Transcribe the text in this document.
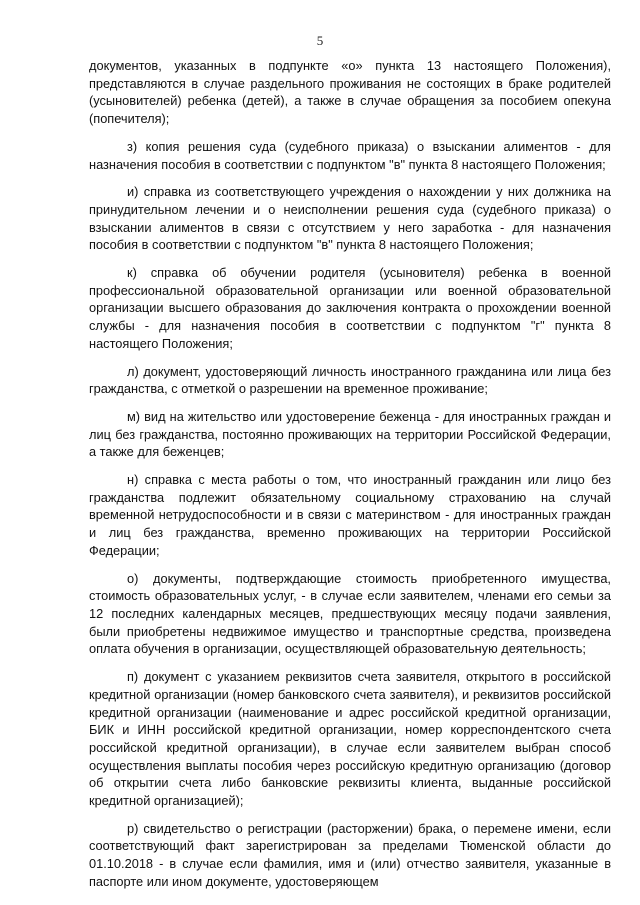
5

документов, указанных в подпункте «о» пункта 13 настоящего Положения), представляются в случае раздельного проживания не состоящих в браке родителей (усыновителей) ребенка (детей), а также в случае обращения за пособием опекуна (попечителя);

з) копия решения суда (судебного приказа) о взыскании алиментов - для назначения пособия в соответствии с подпунктом "в" пункта 8 настоящего Положения;

и) справка из соответствующего учреждения о нахождении у них должника на принудительном лечении и о неисполнении решения суда (судебного приказа) о взыскании алиментов в связи с отсутствием у него заработка - для назначения пособия в соответствии с подпунктом "в" пункта 8 настоящего Положения;

к) справка об обучении родителя (усыновителя) ребенка в военной профессиональной образовательной организации или военной образовательной организации высшего образования до заключения контракта о прохождении военной службы - для назначения пособия в соответствии с подпунктом "г" пункта 8 настоящего Положения;

л) документ, удостоверяющий личность иностранного гражданина или лица без гражданства, с отметкой о разрешении на временное проживание;

м) вид на жительство или удостоверение беженца - для иностранных граждан и лиц без гражданства, постоянно проживающих на территории Российской Федерации, а также для беженцев;

н) справка с места работы о том, что иностранный гражданин или лицо без гражданства подлежит обязательному социальному страхованию на случай временной нетрудоспособности и в связи с материнством - для иностранных граждан и лиц без гражданства, временно проживающих на территории Российской Федерации;

о) документы, подтверждающие стоимость приобретенного имущества, стоимость образовательных услуг, - в случае если заявителем, членами его семьи за 12 последних календарных месяцев, предшествующих месяцу подачи заявления, были приобретены недвижимое имущество и транспортные средства, произведена оплата обучения в организации, осуществляющей образовательную деятельность;

п) документ с указанием реквизитов счета заявителя, открытого в российской кредитной организации (номер банковского счета заявителя), и реквизитов российской кредитной организации (наименование и адрес российской кредитной организации, БИК и ИНН российской кредитной организации, номер корреспондентского счета российской кредитной организации), в случае если заявителем выбран способ осуществления выплаты пособия через российскую кредитную организацию (договор об открытии счета либо банковские реквизиты клиента, выданные российской кредитной организацией);

р) свидетельство о регистрации (расторжении) брака, о перемене имени, если соответствующий факт зарегистрирован за пределами Тюменской области до 01.10.2018 - в случае если фамилия, имя и (или) отчество заявителя, указанные в паспорте или ином документе, удостоверяющем
